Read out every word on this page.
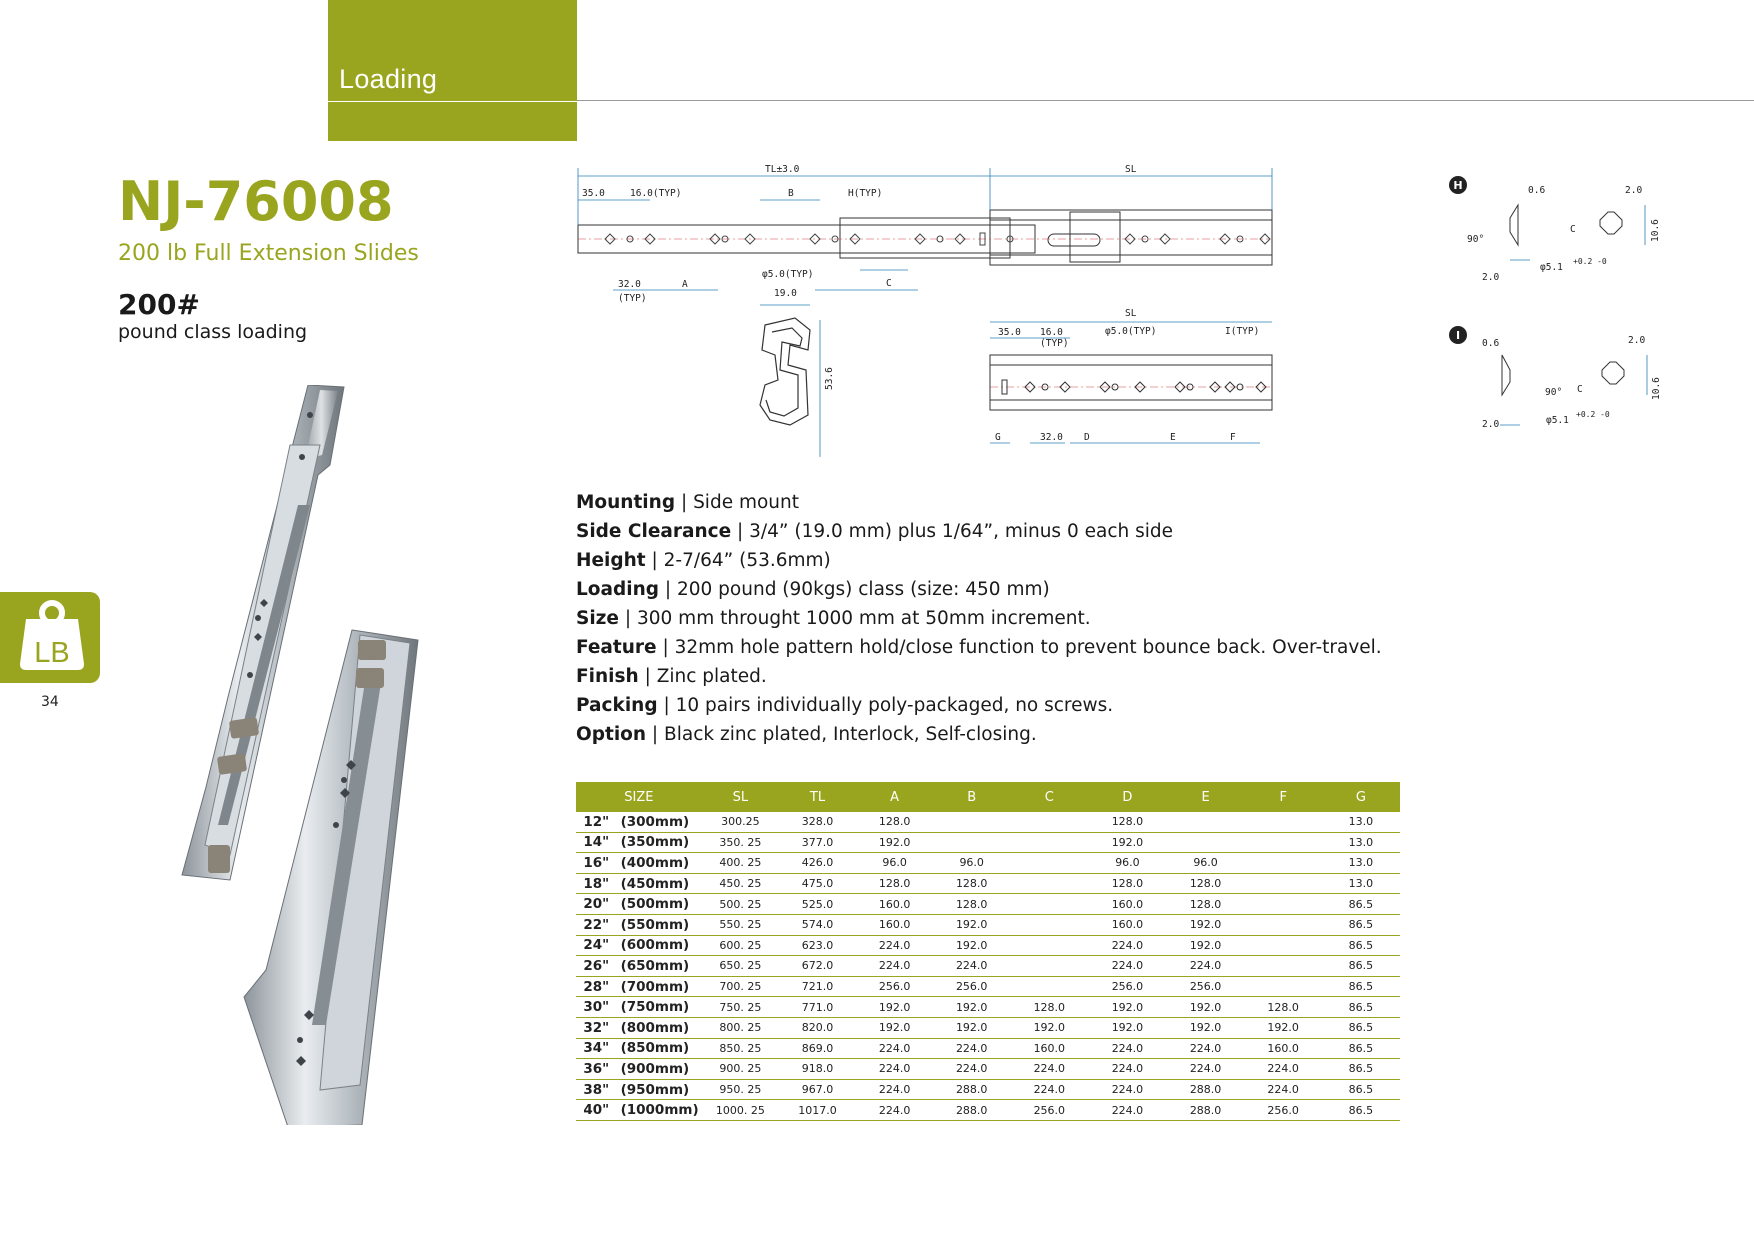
Loading
NJ-76008
200 lb Full Extension Slides
200#
pound class loading
LB
34
TL±3.0	SL
35.0	16.0(TYP)	B	H(TYP)
32.0
(TYP)
A
φ5.0(TYP)
19.0
C
53.6
SL
35.0 16.0
(TYP)
φ5.0(TYP)	I(TYP)
G	32.0 D	E	F
H	0.6	2.0
90°
2.0
C
φ5.1
+0.2 -0
10.6
I
0.6	2.0
90°
2.0
C
φ5.1
+0.2 -0
10.6
Mounting | Side mount
Side Clearance | 3/4” (19.0 mm) plus 1/64”, minus 0 each side
Height | 2-7/64” (53.6mm)
Loading | 200 pound (90kgs) class (size: 450 mm)
Size | 300 mm throught 1000 mm at 50mm increment.
Feature | 32mm hole pattern hold/close function to prevent bounce back. Over-travel.
Finish | Zinc plated.
Packing | 10 pairs individually poly-packaged, no screws.
Option | Black zinc plated, Interlock, Self-closing.
SIZE		SL	TL	A	B	C	D	E	F	G
12"	(300mm)	300.25	328.0	128.0			128.0			13.0
14"	(350mm)	350. 25	377.0	192.0			192.0			13.0
16"	(400mm)	400. 25	426.0	96.0	96.0		96.0	96.0		13.0
18"	(450mm)	450. 25	475.0	128.0	128.0		128.0	128.0		13.0
20"	(500mm)	500. 25	525.0	160.0	128.0		160.0	128.0		86.5
22"	(550mm)	550. 25	574.0	160.0	192.0		160.0	192.0		86.5
24"	(600mm)	600. 25	623.0	224.0	192.0		224.0	192.0		86.5
26"	(650mm)	650. 25	672.0	224.0	224.0		224.0	224.0		86.5
28"	(700mm)	700. 25	721.0	256.0	256.0		256.0	256.0		86.5
30"	(750mm)	750. 25	771.0	192.0	192.0	128.0	192.0	192.0	128.0	86.5
32"	(800mm)	800. 25	820.0	192.0	192.0	192.0	192.0	192.0	192.0	86.5
34"	(850mm)	850. 25	869.0	224.0	224.0	160.0	224.0	224.0	160.0	86.5
36"	(900mm)	900. 25	918.0	224.0	224.0	224.0	224.0	224.0	224.0	86.5
38"	(950mm)	950. 25	967.0	224.0	288.0	224.0	224.0	288.0	224.0	86.5
40"	(1000mm)	1000. 25	1017.0	224.0	288.0	256.0	224.0	288.0	256.0	86.5
